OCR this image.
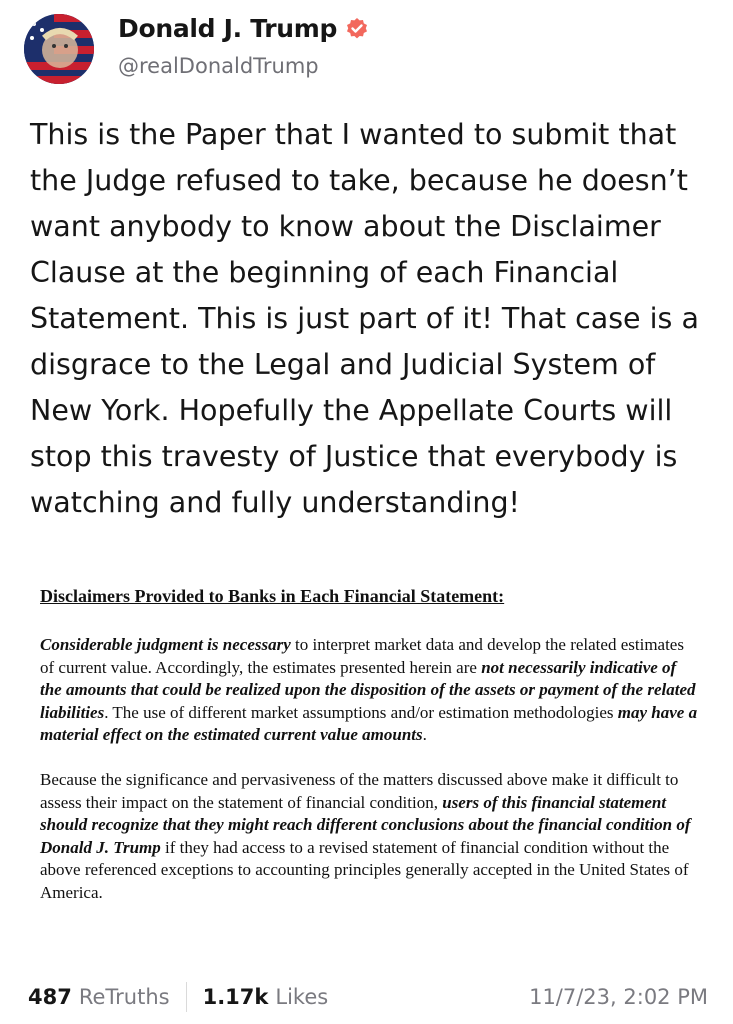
Donald J. Trump
@realDonaldTrump

This is the Paper that I wanted to submit that the Judge refused to take, because he doesn’t want anybody to know about the Disclaimer Clause at the beginning of each Financial Statement. This is just part of it! That case is a disgrace to the Legal and Judicial System of New York. Hopefully the Appellate Courts will stop this travesty of Justice that everybody is watching and fully understanding!

Disclaimers Provided to Banks in Each Financial Statement:

Considerable judgment is necessary to interpret market data and develop the related estimates of current value. Accordingly, the estimates presented herein are not necessarily indicative of the amounts that could be realized upon the disposition of the assets or payment of the related liabilities. The use of different market assumptions and/or estimation methodologies may have a material effect on the estimated current value amounts.

Because the significance and pervasiveness of the matters discussed above make it difficult to assess their impact on the statement of financial condition, users of this financial statement should recognize that they might reach different conclusions about the financial condition of Donald J. Trump if they had access to a revised statement of financial condition without the above referenced exceptions to accounting principles generally accepted in the United States of America.

487 ReTruths 1.17k Likes	11/7/23, 2:02 PM
